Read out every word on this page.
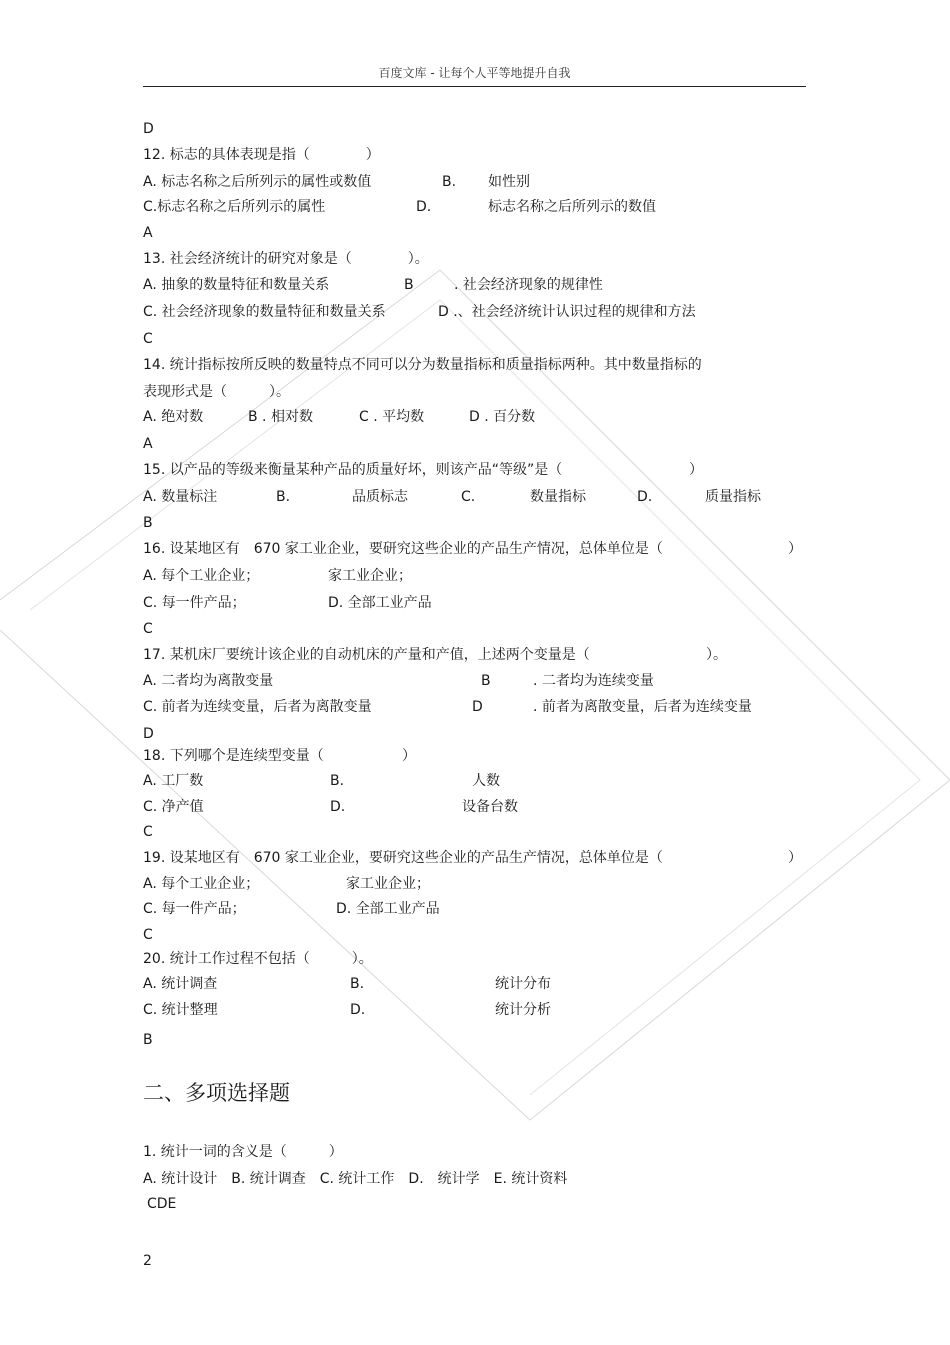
百度文库 - 让每个人平等地提升自我
D
12. 标志的具体表现是指（　　　　）
A. 标志名称之后所列示的属性或数值	B. 如性别
C.标志名称之后所列示的属性	D.	标志名称之后所列示的数值
A
13. 社会经济统计的研究对象是（　　　　）。
A. 抽象的数量特征和数量关系	B	. 社会经济现象的规律性
C. 社会经济现象的数量特征和数量关系	D .、社会经济统计认识过程的规律和方法
C
14. 统计指标按所反映的数量特点不同可以分为数量指标和质量指标两种。其中数量指标的
表现形式是（　　　）。
A. 绝对数	B . 相对数	C . 平均数	D . 百分数
A
15. 以产品的等级来衡量某种产品的质量好坏，则该产品“等级”是（	）
A. 数量标注	B.	品质标志	C.	数量指标	D.	质量指标
B
16. 设某地区有　670 家工业企业，要研究这些企业的产品生产情况，总体单位是（	）
A. 每个工业企业；	家工业企业；
C. 每一件产品；	D. 全部工业产品
C
17. 某机床厂要统计该企业的自动机床的产量和产值，上述两个变量是（	）。
A. 二者均为离散变量	B	. 二者均为连续变量
C. 前者为连续变量，后者为离散变量	D	. 前者为离散变量，后者为连续变量
D
18. 下列哪个是连续型变量（	）
A. 工厂数	B.	人数
C. 净产值	D.	设备台数
C
19. 设某地区有　670 家工业企业，要研究这些企业的产品生产情况，总体单位是（	）
A. 每个工业企业；	家工业企业；
C. 每一件产品；	D. 全部工业产品
C
20. 统计工作过程不包括（　　　）。
A. 统计调查	B.	统计分布
C. 统计整理	D.	统计分析
B
二、多项选择题
1. 统计一词的含义是（　　　）
A. 统计设计　B. 统计调查　C. 统计工作　D.　统计学　E. 统计资料
CDE
2
